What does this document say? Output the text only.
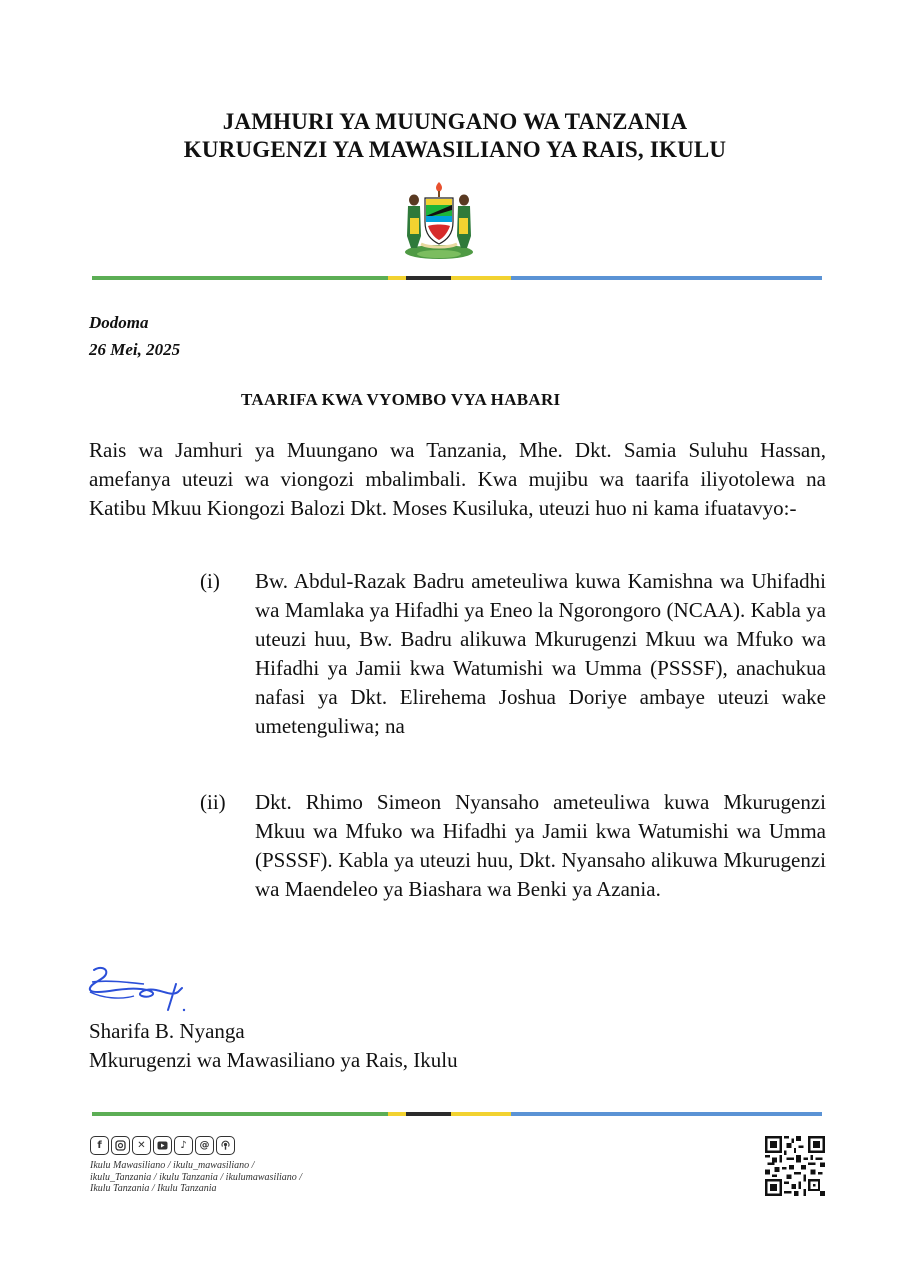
JAMHURI YA MUUNGANO WA TANZANIA
KURUGENZI YA MAWASILIANO YA RAIS, IKULU
Dodoma
26 Mei, 2025
TAARIFA KWA VYOMBO VYA HABARI

Rais wa Jamhuri ya Muungano wa Tanzania, Mhe. Dkt. Samia Suluhu Hassan, amefanya uteuzi wa viongozi mbalimbali. Kwa mujibu wa taarifa iliyotolewa na Katibu Mkuu Kiongozi Balozi Dkt. Moses Kusiluka, uteuzi huo ni kama ifuatavyo:-

(i) Bw. Abdul-Razak Badru ameteuliwa kuwa Kamishna wa Uhifadhi wa Mamlaka ya Hifadhi ya Eneo la Ngorongoro (NCAA). Kabla ya uteuzi huu, Bw. Badru alikuwa Mkurugenzi Mkuu wa Mfuko wa Hifadhi ya Jamii kwa Watumishi wa Umma (PSSSF), anachukua nafasi ya Dkt. Elirehema Joshua Doriye ambaye uteuzi wake umetenguliwa; na

(ii) Dkt. Rhimo Simeon Nyansaho ameteuliwa kuwa Mkurugenzi Mkuu wa Mfuko wa Hifadhi ya Jamii kwa Watumishi wa Umma (PSSSF). Kabla ya uteuzi huu, Dkt. Nyansaho alikuwa Mkurugenzi wa Maendeleo ya Biashara wa Benki ya Azania.

Sharifa B. Nyanga
Mkurugenzi wa Mawasiliano ya Rais, Ikulu
f	✕	♪	@

Ikulu Mawasiliano / ikulu_mawasiliano / ikulu_Tanzania / ikulu Tanzania / ikulumawasiliano / Ikulu Tanzania / Ikulu Tanzania
